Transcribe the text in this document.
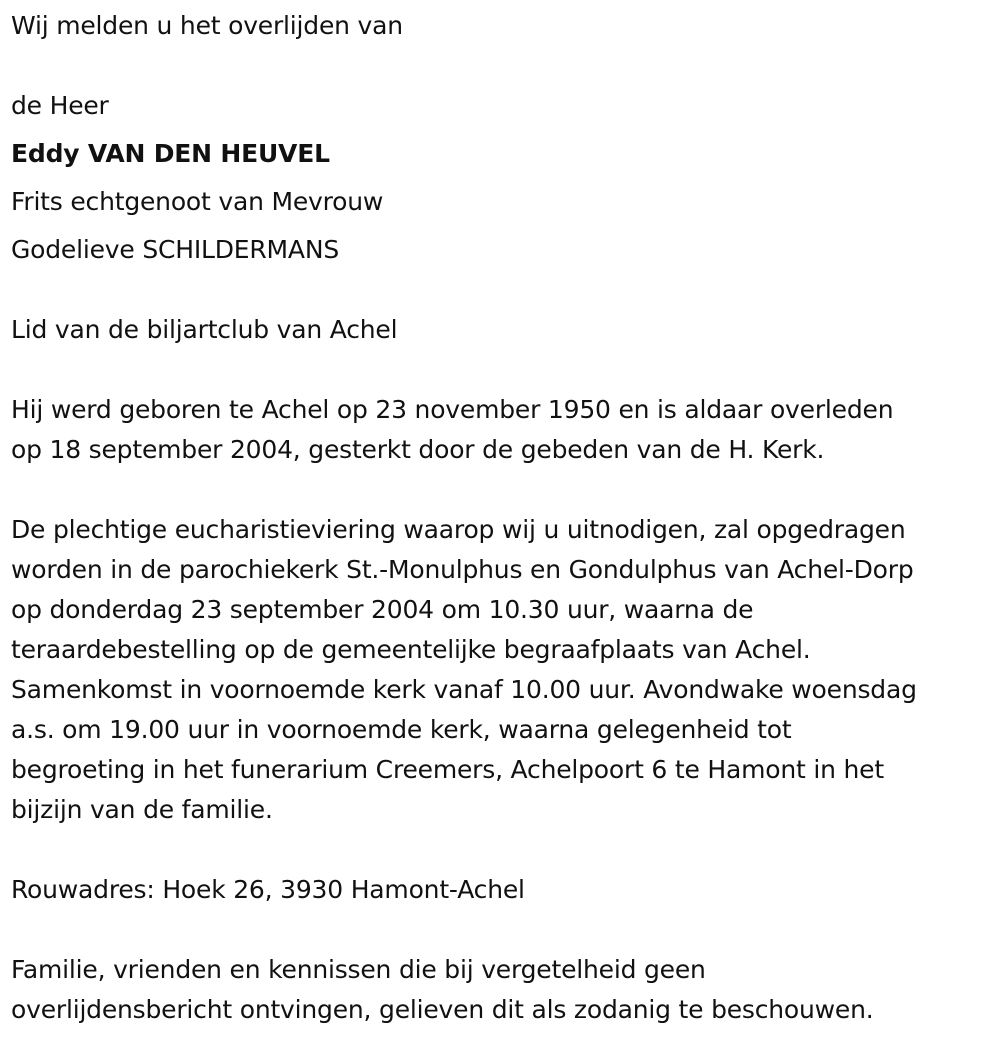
Wij melden u het overlijden van
de Heer
Eddy VAN DEN HEUVEL
Frits echtgenoot van Mevrouw
Godelieve SCHILDERMANS
Lid van de biljartclub van Achel
Hij werd geboren te Achel op 23 november 1950 en is aldaar overleden
op 18 september 2004, gesterkt door de gebeden van de H. Kerk.
De plechtige eucharistieviering waarop wij u uitnodigen, zal opgedragen
worden in de parochiekerk St.-Monulphus en Gondulphus van Achel-Dorp
op donderdag 23 september 2004 om 10.30 uur, waarna de
teraardebestelling op de gemeentelijke begraafplaats van Achel.
Samenkomst in voornoemde kerk vanaf 10.00 uur. Avondwake woensdag
a.s. om 19.00 uur in voornoemde kerk, waarna gelegenheid tot
begroeting in het funerarium Creemers, Achelpoort 6 te Hamont in het
bijzijn van de familie.
Rouwadres: Hoek 26, 3930 Hamont-Achel
Familie, vrienden en kennissen die bij vergetelheid geen
overlijdensbericht ontvingen, gelieven dit als zodanig te beschouwen.
